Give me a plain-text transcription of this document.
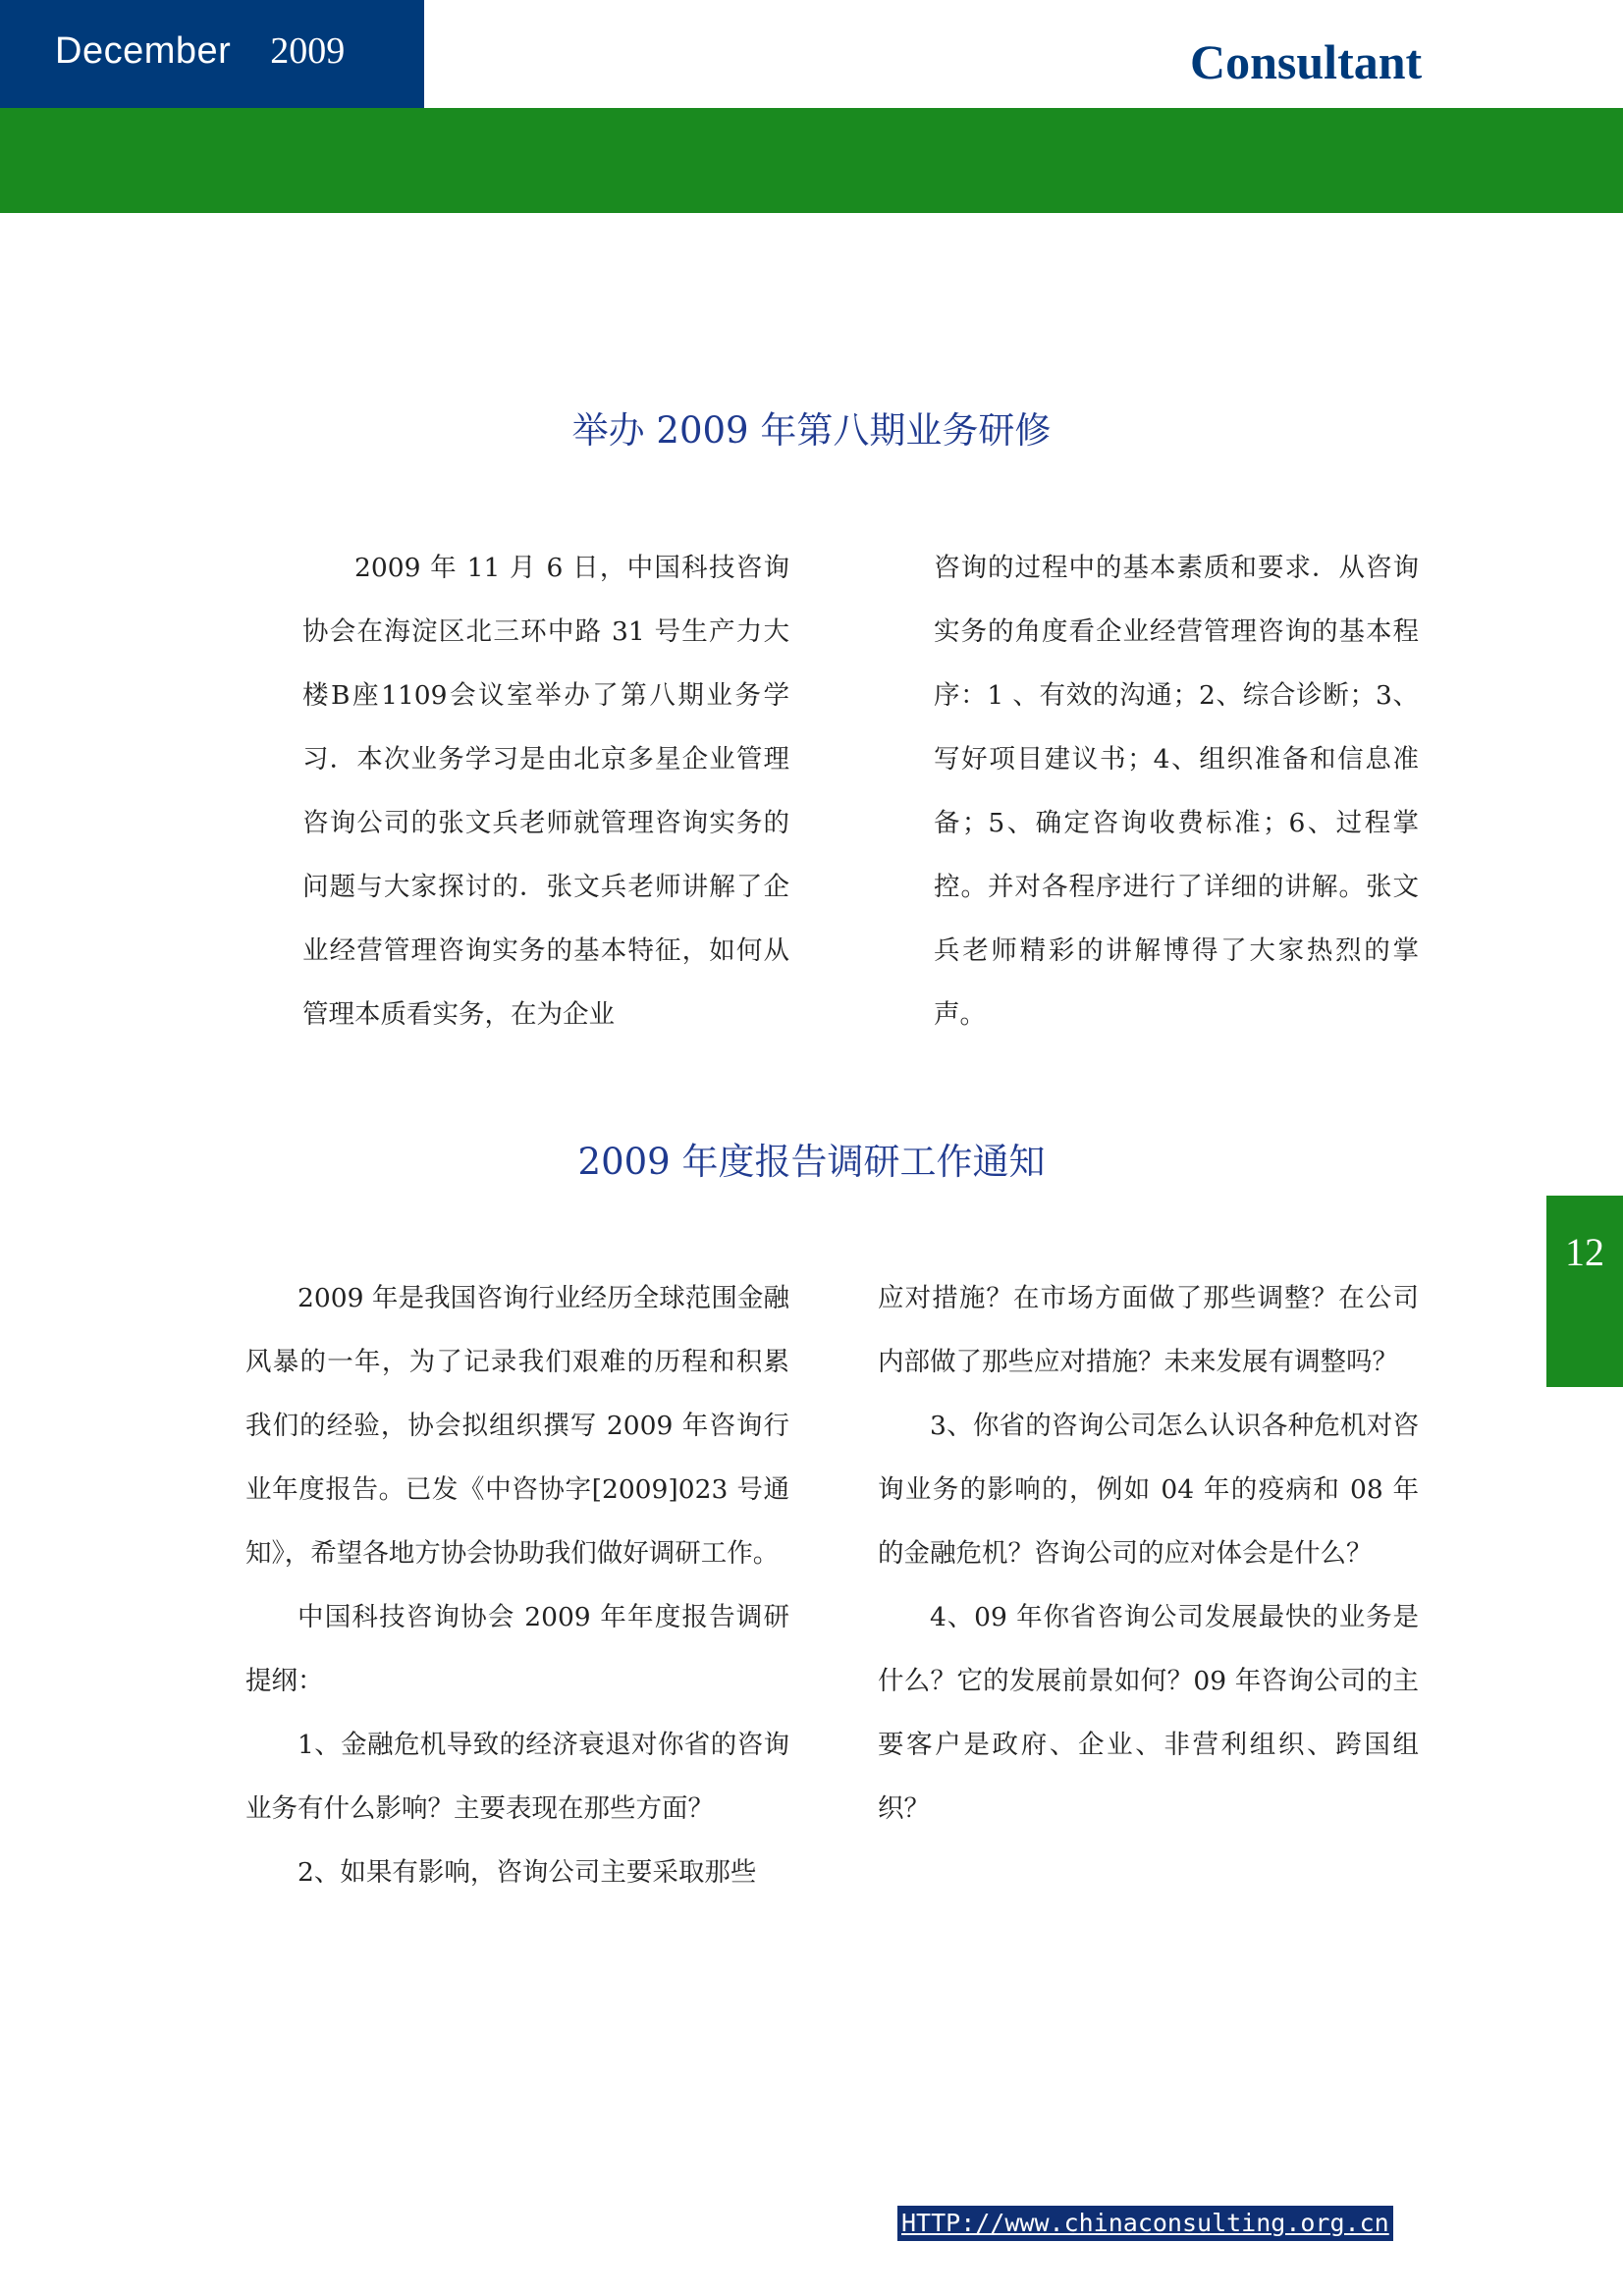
December 2009	Consultant
12
举办 2009 年第八期业务研修

2009 年 11 月 6 日，中国科技咨询协会在海淀区北三环中路 31 号生产力大楼B座1109会议室举办了第八期业务学习．本次业务学习是由北京多星企业管理咨询公司的张文兵老师就管理咨询实务的问题与大家探讨的．张文兵老师讲解了企业经营管理咨询实务的基本特征，如何从管理本质看实务，在为企业

咨询的过程中的基本素质和要求．从咨询实务的角度看企业经营管理咨询的基本程序：1 、有效的沟通；2、综合诊断；3、写好项目建议书；4、组织准备和信息准备；5、确定咨询收费标准；6、过程掌控。并对各程序进行了详细的讲解。张文兵老师精彩的讲解博得了大家热烈的掌声。

2009 年度报告调研工作通知

2009 年是我国咨询行业经历全球范围金融风暴的一年，为了记录我们艰难的历程和积累我们的经验，协会拟组织撰写 2009 年咨询行业年度报告。已发《中咨协字[2009]023 号通知》，希望各地方协会协助我们做好调研工作。

中国科技咨询协会 2009 年年度报告调研提纲：

1、金融危机导致的经济衰退对你省的咨询业务有什么影响？主要表现在那些方面？

2、如果有影响，咨询公司主要采取那些

应对措施？在市场方面做了那些调整？在公司内部做了那些应对措施？未来发展有调整吗？

3、你省的咨询公司怎么认识各种危机对咨询业务的影响的，例如 04 年的疫病和 08 年的金融危机？咨询公司的应对体会是什么？

4、09 年你省咨询公司发展最快的业务是什么？它的发展前景如何？09 年咨询公司的主要客户是政府、企业、非营利组织、跨国组织？

HTTP://www.chinaconsulting.org.cn
